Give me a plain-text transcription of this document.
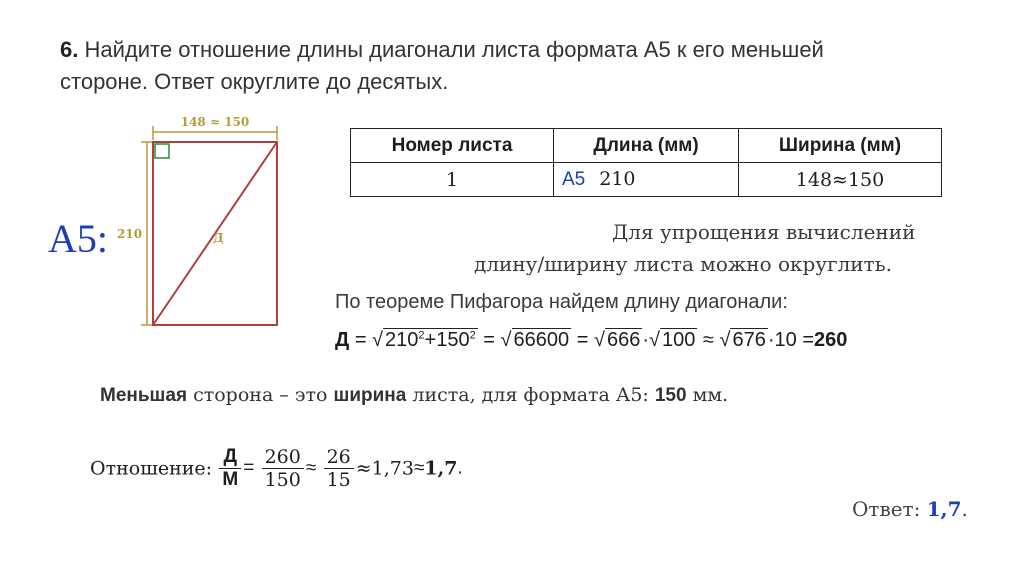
6. Найдите отношение длины диагонали листа формата А5 к его меньшей
стороне. Ответ округлите до десятых.
А5:
148 ≈ 150
210	Д
Номер листа	Длина (мм)	Ширина (мм)
1	А5 210	148≈150
Для упрощения вычислений
длину/ширину листа можно округлить.
По теореме Пифагора найдем длину диагонали:
Д = √ $210^2+150^2$ = √ 66600 = √ 666 ·√ 100 ≈ √ 676 ·10 =260
Меньшая сторона – это ширина листа, для формата А5: 150 мм.
Отношение: $\frac{Д}{М} = \frac{260}{150} \approx \frac{26}{15} \approx 1,73\approx 1,7$.
Ответ: 1,7.
